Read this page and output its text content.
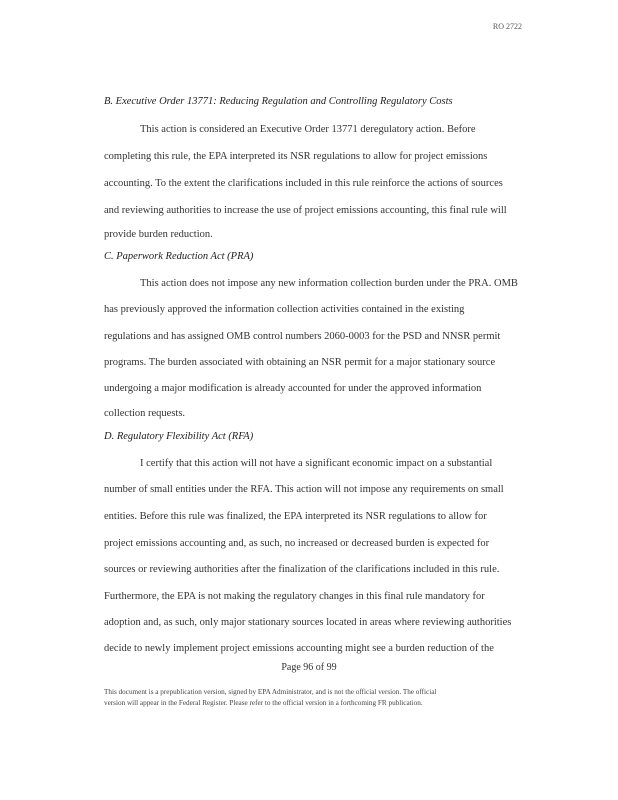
RO 2722
B. Executive Order 13771: Reducing Regulation and Controlling Regulatory Costs
This action is considered an Executive Order 13771 deregulatory action. Before
completing this rule, the EPA interpreted its NSR regulations to allow for project emissions
accounting. To the extent the clarifications included in this rule reinforce the actions of sources
and reviewing authorities to increase the use of project emissions accounting, this final rule will
provide burden reduction.
C. Paperwork Reduction Act (PRA)
This action does not impose any new information collection burden under the PRA. OMB
has previously approved the information collection activities contained in the existing
regulations and has assigned OMB control numbers 2060-0003 for the PSD and NNSR permit
programs. The burden associated with obtaining an NSR permit for a major stationary source
undergoing a major modification is already accounted for under the approved information
collection requests.
D. Regulatory Flexibility Act (RFA)
I certify that this action will not have a significant economic impact on a substantial
number of small entities under the RFA. This action will not impose any requirements on small
entities. Before this rule was finalized, the EPA interpreted its NSR regulations to allow for
project emissions accounting and, as such, no increased or decreased burden is expected for
sources or reviewing authorities after the finalization of the clarifications included in this rule.
Furthermore, the EPA is not making the regulatory changes in this final rule mandatory for
adoption and, as such, only major stationary sources located in areas where reviewing authorities
decide to newly implement project emissions accounting might see a burden reduction of the
Page 96 of 99
This document is a prepublication version, signed by EPA Administrator, and is not the official version. The official
version will appear in the Federal Register. Please refer to the official version in a forthcoming FR publication.
